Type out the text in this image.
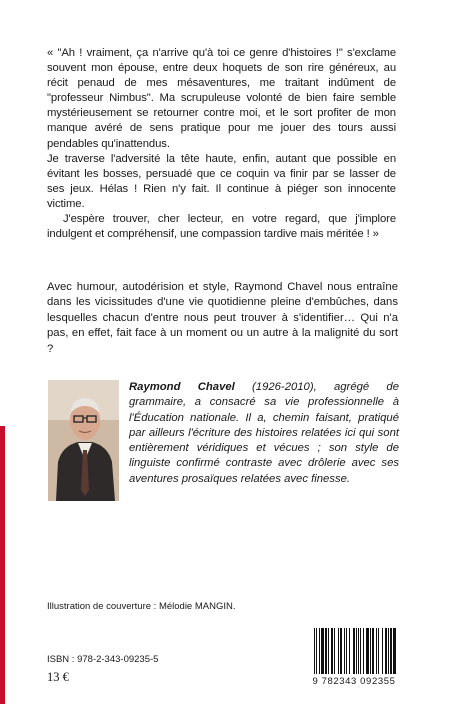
« "Ah ! vraiment, ça n'arrive qu'à toi ce genre d'histoires !" s'exclame souvent mon épouse, entre deux hoquets de son rire généreux, au récit penaud de mes mésaventures, me traitant indûment de "professeur Nimbus". Ma scrupuleuse volonté de bien faire semble mystérieusement se retourner contre moi, et le sort profiter de mon manque avéré de sens pratique pour me jouer des tours aussi pendables qu'inattendus.

Je traverse l'adversité la tête haute, enfin, autant que possible en évitant les bosses, persuadé que ce coquin va finir par se lasser de ses jeux. Hélas ! Rien n'y fait. Il continue à piéger son innocente victime.

J'espère trouver, cher lecteur, en votre regard, que j'implore indulgent et compréhensif, une compassion tardive mais méritée ! »

Avec humour, autodérision et style, Raymond Chavel nous entraîne dans les vicissitudes d'une vie quotidienne pleine d'embûches, dans lesquelles chacun d'entre nous peut trouver à s'identifier… Qui n'a pas, en effet, fait face à un moment ou un autre à la malignité du sort ?
Raymond Chavel (1926-2010), agrégé de grammaire, a consacré sa vie professionnelle à l'Éducation nationale. Il a, chemin faisant, pratiqué par ailleurs l'écriture des histoires relatées ici qui sont entièrement véridiques et vécues ; son style de linguiste confirmé contraste avec drôlerie avec ses aventures prosaïques relatées avec finesse.
Illustration de couverture : Mélodie MANGIN.
ISBN : 978-2-343-09235-5
13 €	9 782343 092355
